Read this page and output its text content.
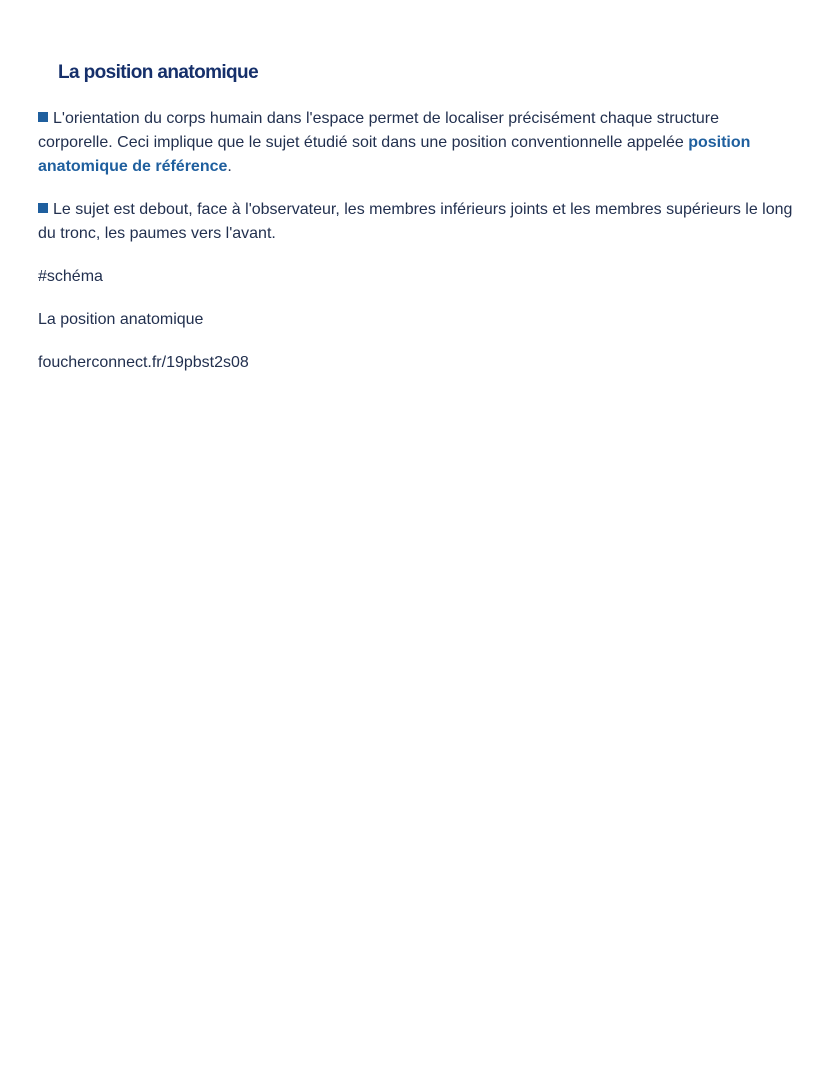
La position anatomique

L'orientation du corps humain dans l'espace permet de localiser précisément chaque structure corporelle. Ceci implique que le sujet étudié soit dans une position conventionnelle appelée position anatomique de référence.

Le sujet est debout, face à l'observateur, les membres inférieurs joints et les membres supérieurs le long du tronc, les paumes vers l'avant.

#schéma

La position anatomique

foucherconnect.fr/19pbst2s08
